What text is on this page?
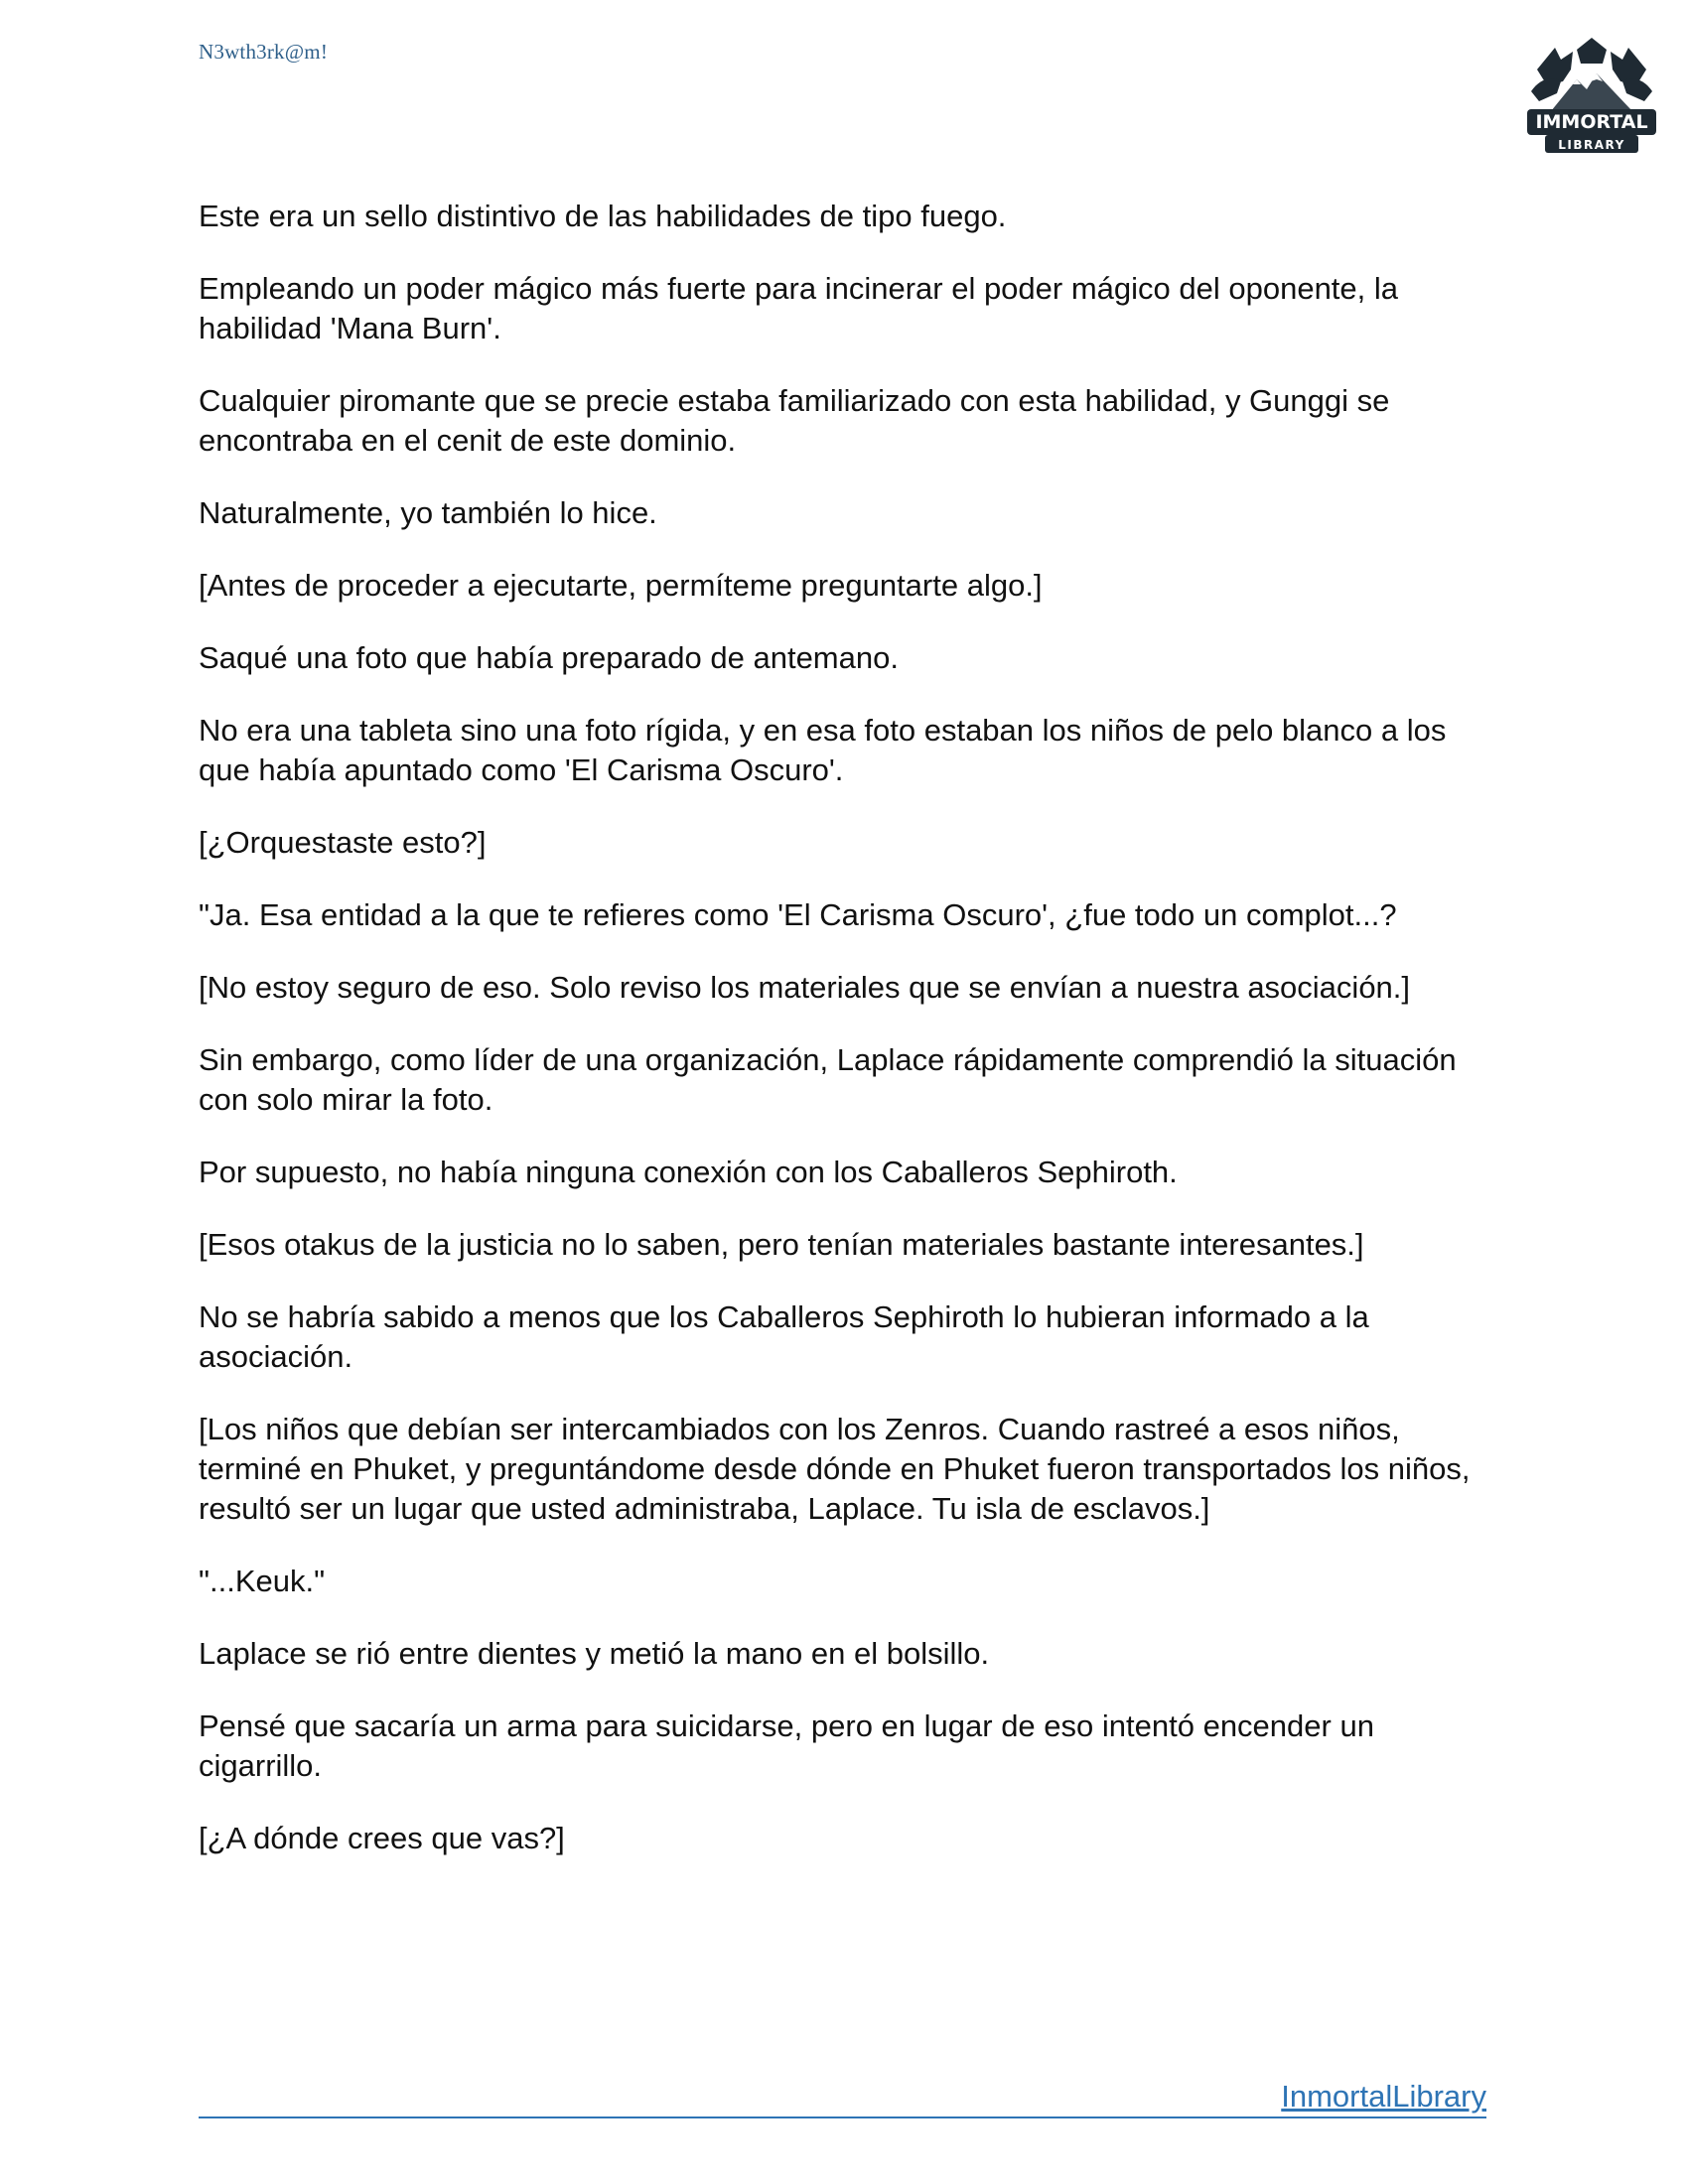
N3wth3rk@m!
IMMORTAL
LIBRARY

Este era un sello distintivo de las habilidades de tipo fuego.

Empleando un poder mágico más fuerte para incinerar el poder mágico del oponente, la habilidad 'Mana Burn'.

Cualquier piromante que se precie estaba familiarizado con esta habilidad, y Gunggi se encontraba en el cenit de este dominio.

Naturalmente, yo también lo hice.

[Antes de proceder a ejecutarte, permíteme preguntarte algo.]

Saqué una foto que había preparado de antemano.

No era una tableta sino una foto rígida, y en esa foto estaban los niños de pelo blanco a los que había apuntado como 'El Carisma Oscuro'.

[¿Orquestaste esto?]

"Ja. Esa entidad a la que te refieres como 'El Carisma Oscuro', ¿fue todo un complot...?

[No estoy seguro de eso. Solo reviso los materiales que se envían a nuestra asociación.]

Sin embargo, como líder de una organización, Laplace rápidamente comprendió la situación con solo mirar la foto.

Por supuesto, no había ninguna conexión con los Caballeros Sephiroth.

[Esos otakus de la justicia no lo saben, pero tenían materiales bastante interesantes.]

No se habría sabido a menos que los Caballeros Sephiroth lo hubieran informado a la asociación.

[Los niños que debían ser intercambiados con los Zenros. Cuando rastreé a esos niños, terminé en Phuket, y preguntándome desde dónde en Phuket fueron transportados los niños, resultó ser un lugar que usted administraba, Laplace. Tu isla de esclavos.]

"...Keuk."

Laplace se rió entre dientes y metió la mano en el bolsillo.

Pensé que sacaría un arma para suicidarse, pero en lugar de eso intentó encender un cigarrillo.

[¿A dónde crees que vas?]

InmortalLibrary
